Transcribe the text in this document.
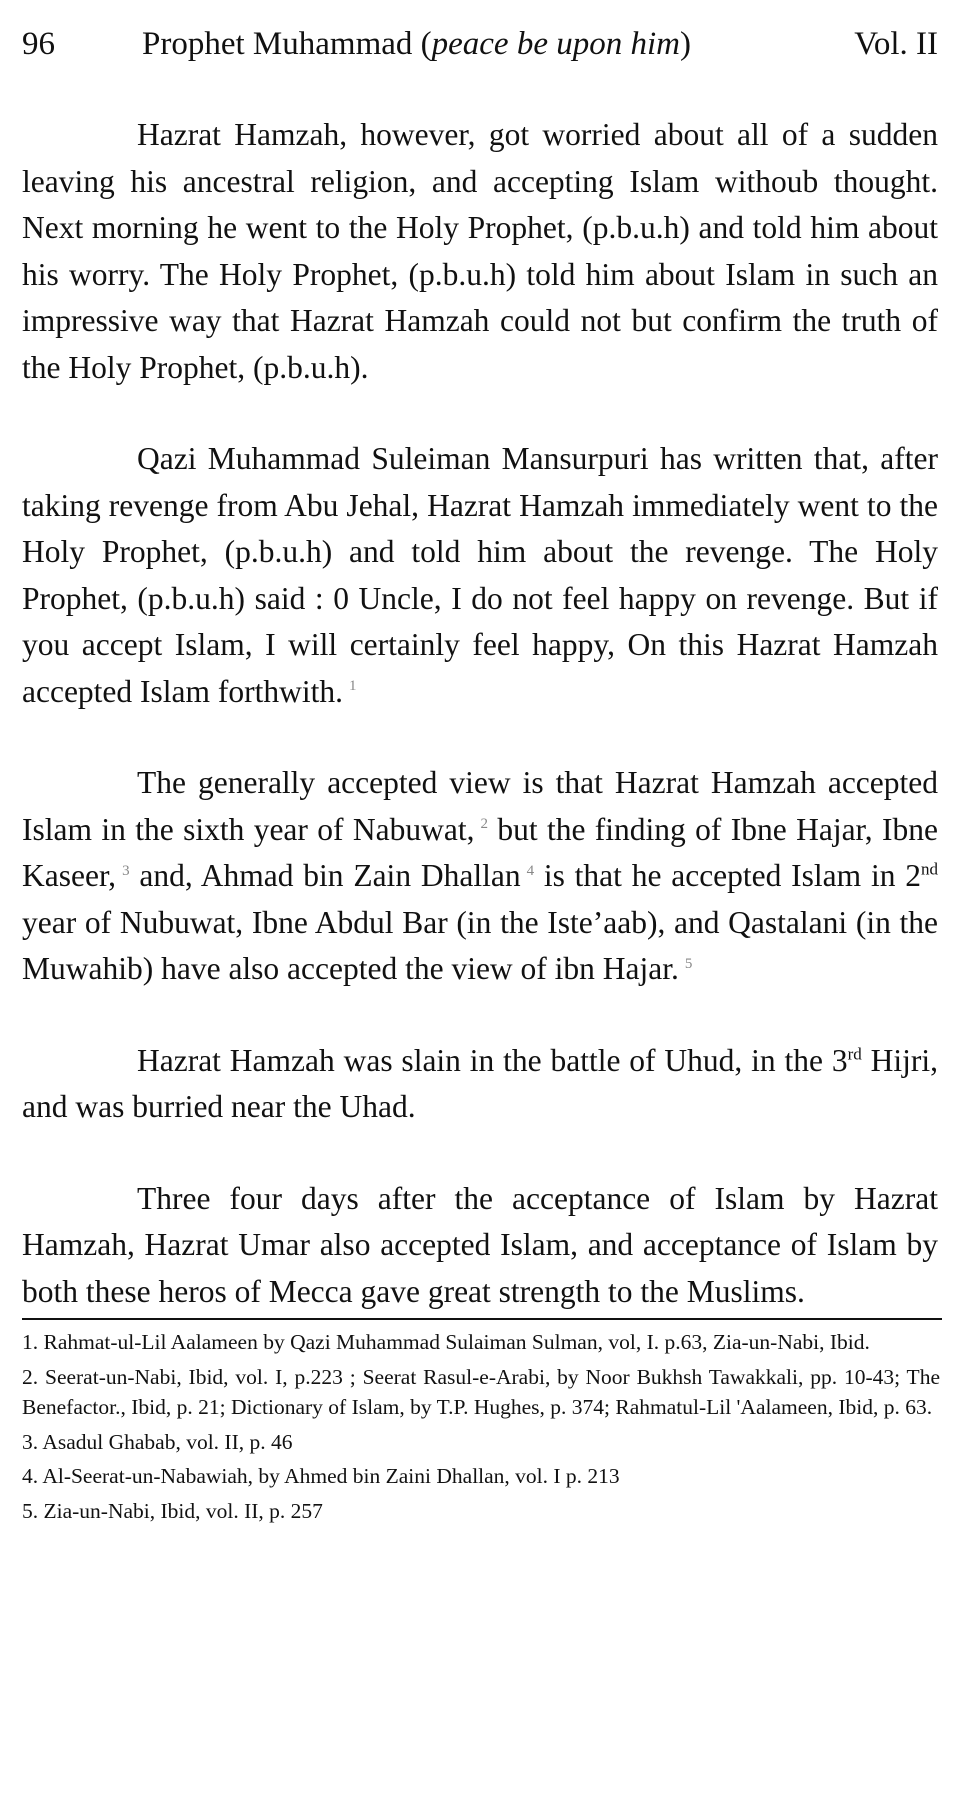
96	Prophet Muhammad (peace be upon him)	Vol. II

Hazrat Hamzah, however, got worried about all of a sudden leaving his ancestral religion, and accepting Islam withoub thought. Next morning he went to the Holy Prophet, (p.b.u.h) and told him about his worry. The Holy Prophet, (p.b.u.h) told him about Islam in such an impressive way that Hazrat Hamzah could not but confirm the truth of the Holy Prophet, (p.b.u.h).

Qazi Muhammad Suleiman Mansurpuri has written that, after taking revenge from Abu Jehal, Hazrat Hamzah immediately went to the Holy Prophet, (p.b.u.h) and told him about the revenge. The Holy Prophet, (p.b.u.h) said : 0 Uncle, I do not feel happy on revenge. But if you accept Islam, I will certainly feel happy, On this Hazrat Hamzah accepted Islam forthwith. $^1$

The generally accepted view is that Hazrat Hamzah accepted Islam in the sixth year of Nabuwat, $^2$ but the finding of Ibne Hajar, Ibne Kaseer, $^3$ and, Ahmad bin Zain Dhallan $^4$ is that he accepted Islam in 2nd year of Nubuwat, Ibne Abdul Bar (in the Iste’aab), and Qastalani (in the Muwahib) have also accepted the view of ibn Hajar. $^5$

Hazrat Hamzah was slain in the battle of Uhud, in the 3rd Hijri, and was burried near the Uhad.

Three four days after the acceptance of Islam by Hazrat Hamzah, Hazrat Umar also accepted Islam, and acceptance of Islam by both these heros of Mecca gave great strength to the Muslims.

1. Rahmat-ul-Lil Aalameen by Qazi Muhammad Sulaiman Sulman, vol, I. p.63, Zia-un-Nabi, Ibid.

2. Seerat-un-Nabi, Ibid, vol. I, p.223 ; Seerat Rasul-e-Arabi, by Noor Bukhsh Tawakkali, pp. 10-43; The Benefactor., Ibid, p. 21; Dictionary of Islam, by T.P. Hughes, p. 374; Rahmatul-Lil 'Aalameen, Ibid, p. 63.

3. Asadul Ghabab, vol. II, p. 46

4. Al-Seerat-un-Nabawiah, by Ahmed bin Zaini Dhallan, vol. I p. 213

5. Zia-un-Nabi, Ibid, vol. II, p. 257
